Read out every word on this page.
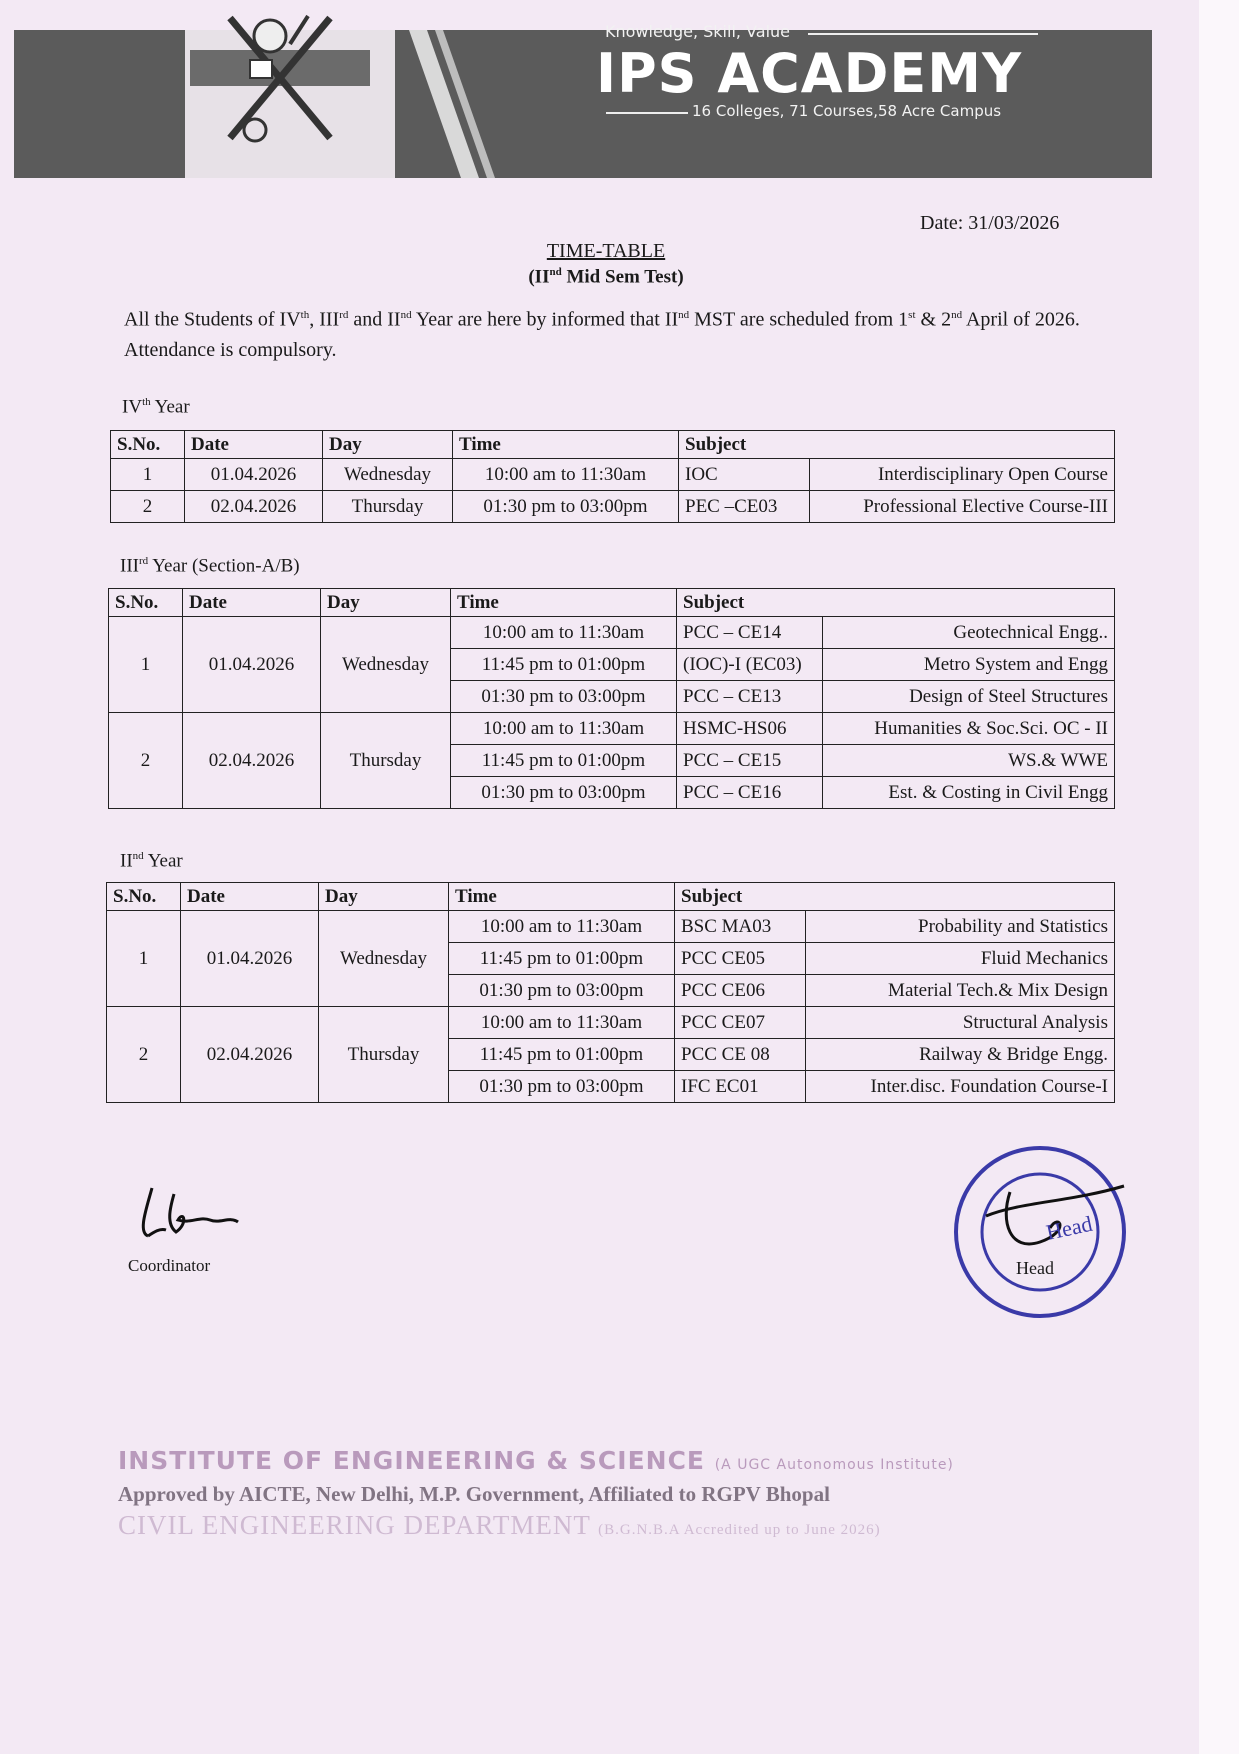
Knowledge, Skill, Value
IPS ACADEMY
16 Colleges, 71 Courses,58 Acre Campus
Date: 31/03/2026
TIME-TABLE
(IInd Mid Sem Test)
All the Students of IVth, IIIrd and IInd Year are here by informed that IInd MST are scheduled from 1st & 2nd April of 2026. Attendance is compulsory.
IVth Year
S.No.	Date	Day	Time	Subject	
1	01.04.2026	Wednesday	10:00 am to 11:30am	IOC	Interdisciplinary Open Course
2	02.04.2026	Thursday	01:30 pm to 03:00pm	PEC –CE03	Professional Elective Course-III
IIIrd Year (Section-A/B)
S.No.	Date	Day	Time	Subject	
1	01.04.2026	Wednesday	10:00 am to 11:30am	PCC – CE14	Geotechnical Engg..
			11:45 pm to 01:00pm	(IOC)-I (EC03)	Metro System and Engg
			01:30 pm to 03:00pm	PCC – CE13	Design of Steel Structures
2	02.04.2026	Thursday	10:00 am to 11:30am	HSMC-HS06	Humanities & Soc.Sci. OC - II
			11:45 pm to 01:00pm	PCC – CE15	WS.& WWE
			01:30 pm to 03:00pm	PCC – CE16	Est. & Costing in Civil Engg
IInd Year
S.No.	Date	Day	Time	Subject	
1	01.04.2026	Wednesday	10:00 am to 11:30am	BSC MA03	Probability and Statistics
			11:45 pm to 01:00pm	PCC CE05	Fluid Mechanics
			01:30 pm to 03:00pm	PCC CE06	Material Tech.& Mix Design
2	02.04.2026	Thursday	10:00 am to 11:30am	PCC CE07	Structural Analysis
			11:45 pm to 01:00pm	PCC CE 08	Railway & Bridge Engg.
			01:30 pm to 03:00pm	IFC EC01	Inter.disc. Foundation Course-I
Coordinator
Head
Head
INSTITUTE OF ENGINEERING & SCIENCE (A UGC Autonomous Institute)
Approved by AICTE, New Delhi, M.P. Government, Affiliated to RGPV Bhopal
CIVIL ENGINEERING DEPARTMENT (B.G.N.B.A Accredited up to June 2026)
